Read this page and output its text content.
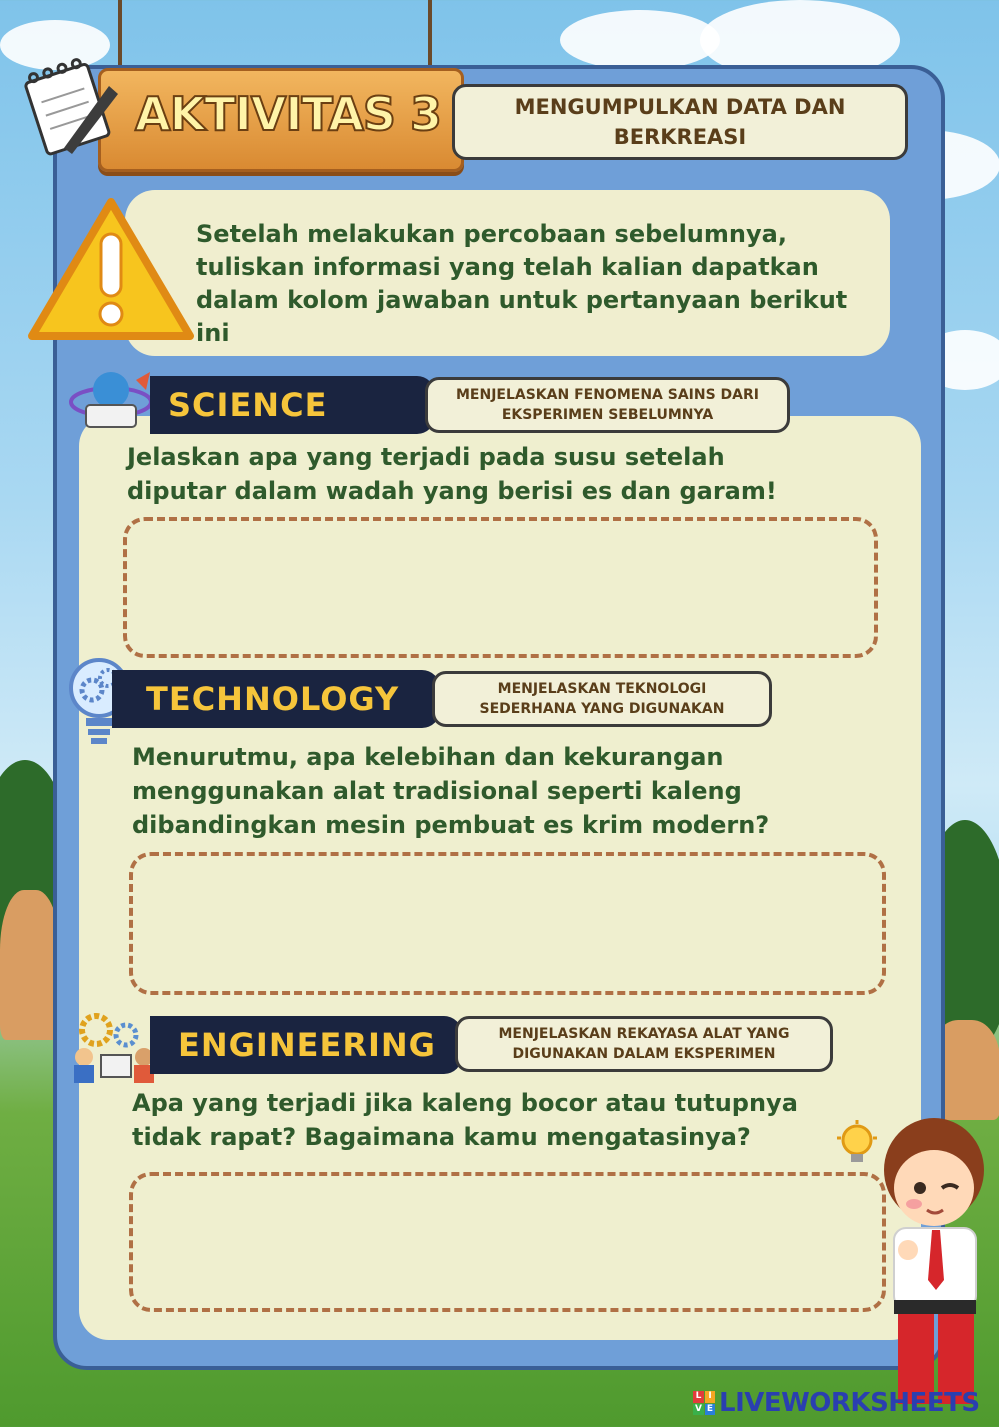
AKTIVITAS 3	MENGUMPULKAN DATA DAN BERKREASI
Setelah melakukan percobaan sebelumnya, tuliskan informasi yang telah kalian dapatkan dalam kolom jawaban untuk pertanyaan berikut ini
SCIENCE	MENJELASKAN FENOMENA SAINS DARI EKSPERIMEN SEBELUMNYA
Jelaskan apa yang terjadi pada susu setelah diputar dalam wadah yang berisi es dan garam!
TECHNOLOGY	MENJELASKAN TEKNOLOGI SEDERHANA YANG DIGUNAKAN
Menurutmu, apa kelebihan dan kekurangan menggunakan alat tradisional seperti kaleng dibandingkan mesin pembuat es krim modern?
ENGINEERING	MENJELASKAN REKAYASA ALAT YANG DIGUNAKAN DALAM EKSPERIMEN
Apa yang terjadi jika kaleng bocor atau tutupnya tidak rapat? Bagaimana kamu mengatasinya?
L I
V E LIVEWORKSHEETS
